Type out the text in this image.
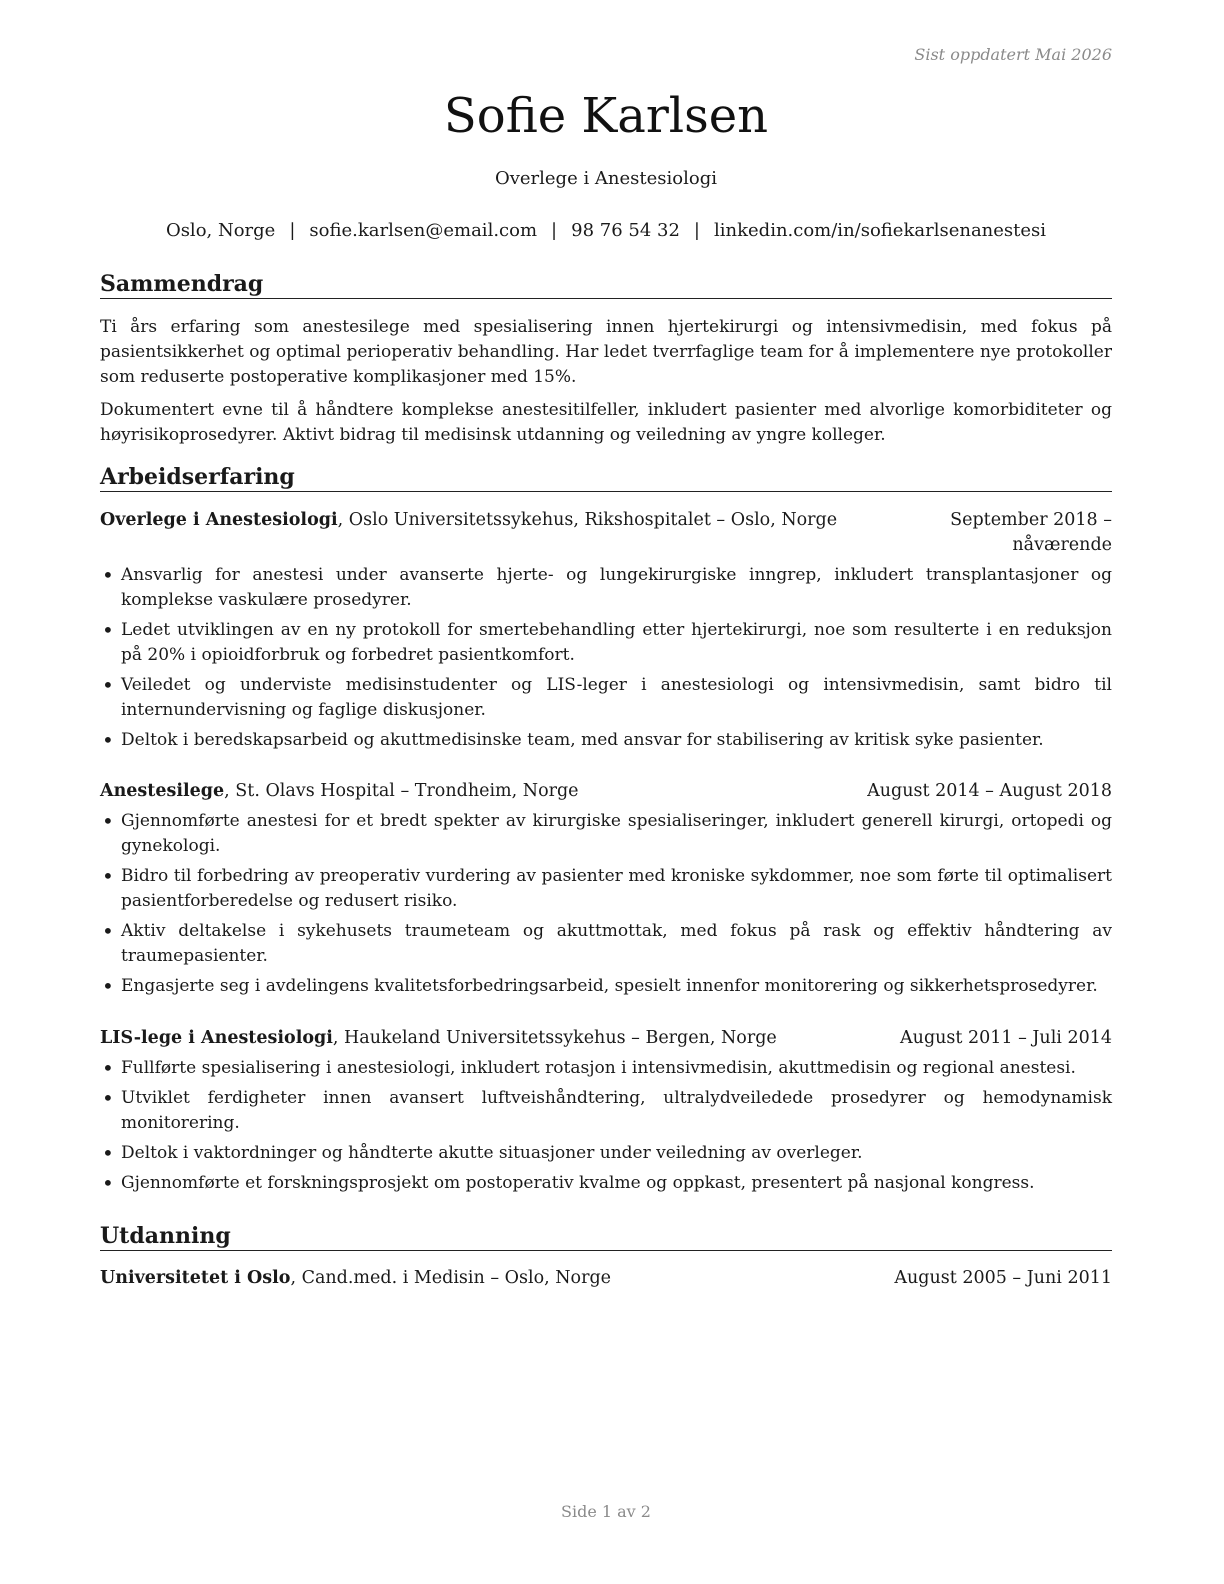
Sist oppdatert Mai 2026
Sofie Karlsen
Overlege i Anestesiologi
Oslo, Norge | sofie.karlsen@email.com | 98 76 54 32 | linkedin.com/in/sofiekarlsenanestesi
Sammendrag

Ti års erfaring som anestesilege med spesialisering innen hjertekirurgi og intensivmedisin, med fokus på pasientsikkerhet og optimal perioperativ behandling. Har ledet tverrfaglige team for å implementere nye protokoller som reduserte postoperative komplikasjoner med 15%.

Dokumentert evne til å håndtere komplekse anestesitilfeller, inkludert pasienter med alvorlige komorbiditeter og høyrisikoprosedyrer. Aktivt bidrag til medisinsk utdanning og veiledning av yngre kolleger.

Arbeidserfaring
Overlege i Anestesiologi, Oslo Universitetssykehus, Rikshospitalet – Oslo, Norge	September 2018 – nåværende
• Ansvarlig for anestesi under avanserte hjerte- og lungekirurgiske inngrep, inkludert transplantasjoner og komplekse vaskulære prosedyrer.
• Ledet utviklingen av en ny protokoll for smertebehandling etter hjertekirurgi, noe som resulterte i en reduksjon på 20% i opioidforbruk og forbedret pasientkomfort.
• Veiledet og underviste medisinstudenter og LIS-leger i anestesiologi og intensivmedisin, samt bidro til internundervisning og faglige diskusjoner.
• Deltok i beredskapsarbeid og akuttmedisinske team, med ansvar for stabilisering av kritisk syke pasienter.
Anestesilege, St. Olavs Hospital – Trondheim, Norge	August 2014 – August 2018
• Gjennomførte anestesi for et bredt spekter av kirurgiske spesialiseringer, inkludert generell kirurgi, ortopedi og gynekologi.
• Bidro til forbedring av preoperativ vurdering av pasienter med kroniske sykdommer, noe som førte til optimalisert pasientforberedelse og redusert risiko.
• Aktiv deltakelse i sykehusets traumeteam og akuttmottak, med fokus på rask og effektiv håndtering av traumepasienter.
• Engasjerte seg i avdelingens kvalitetsforbedringsarbeid, spesielt innenfor monitorering og sikkerhetsprosedyrer.
LIS-lege i Anestesiologi, Haukeland Universitetssykehus – Bergen, Norge	August 2011 – Juli 2014
• Fullførte spesialisering i anestesiologi, inkludert rotasjon i intensivmedisin, akuttmedisin og regional anestesi.
• Utviklet ferdigheter innen avansert luftveishåndtering, ultralydveiledede prosedyrer og hemodynamisk monitorering.
• Deltok i vaktordninger og håndterte akutte situasjoner under veiledning av overleger.
• Gjennomførte et forskningsprosjekt om postoperativ kvalme og oppkast, presentert på nasjonal kongress.
Utdanning
Universitetet i Oslo, Cand.med. i Medisin – Oslo, Norge	August 2005 – Juni 2011
Side 1 av 2
